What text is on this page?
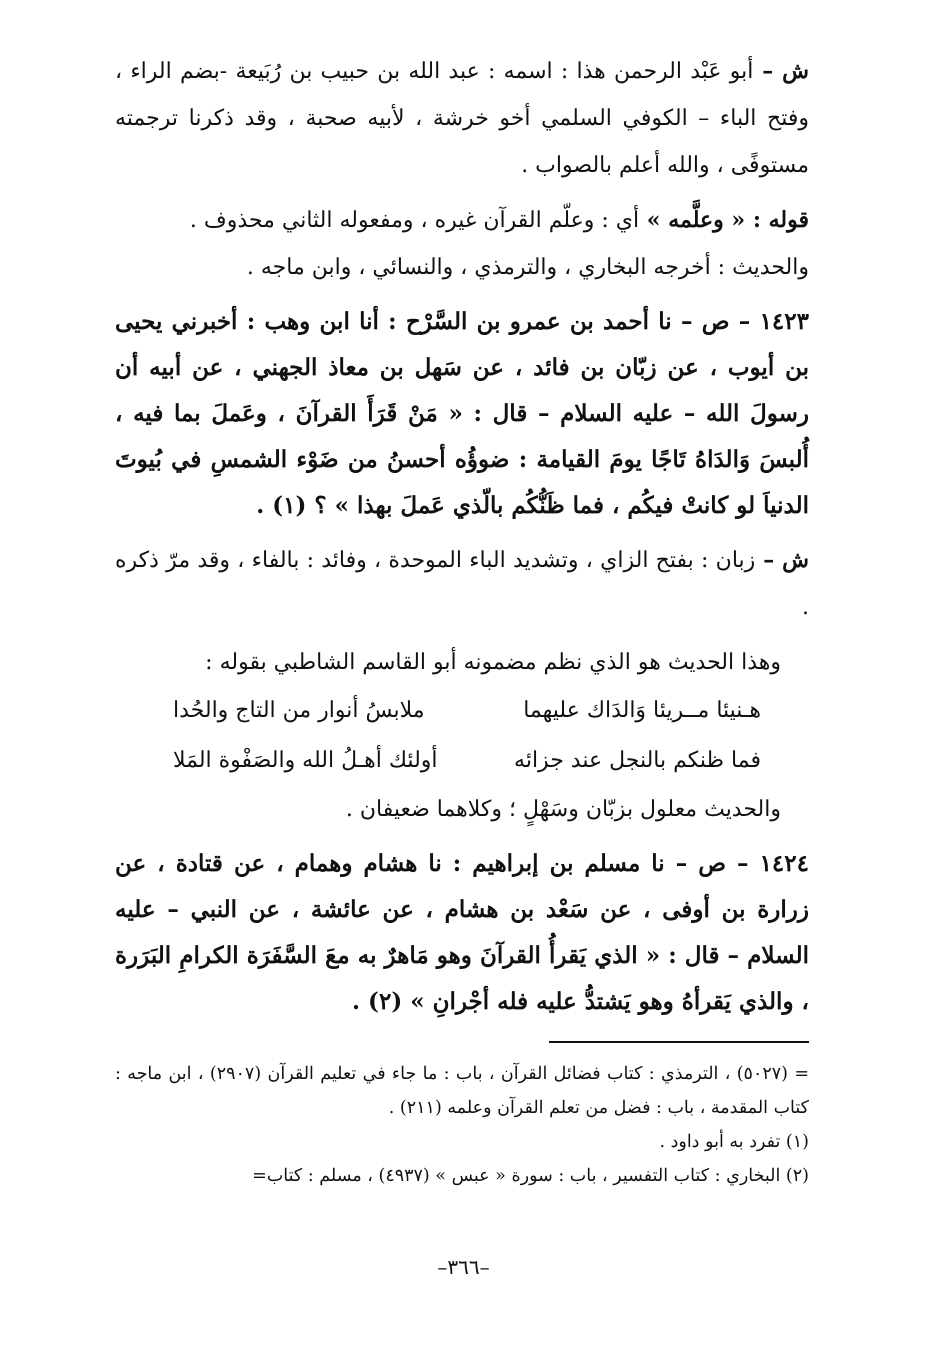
ش – أبو عَبْد الرحمن هذا : اسمه : عبد الله بن حبيب بن رُبَيعة -بضم الراء ، وفتح الباء – الكوفي السلمي أخو خرشة ، لأبيه صحبة ، وقد ذكرنا ترجمته مستوفًى ، والله أعلم بالصواب .

قوله : « وعلَّمه » أي : وعلّم القرآن غيره ، ومفعوله الثاني محذوف .

والحديث : أخرجه البخاري ، والترمذي ، والنسائي ، وابن ماجه .

١٤٢٣ – ص – نا أحمد بن عمرو بن السَّرْح : أنا ابن وهب : أخبرني يحيى بن أيوب ، عن زبّان بن فائد ، عن سَهل بن معاذ الجهني ، عن أبيه أن رسولَ الله – عليه السلام – قال : « مَنْ قَرَأَ القرآنَ ، وعَملَ بما فيه ، أُلبسَ وَالدَاهُ تَاجًا يومَ القيامة : ضوؤُه أحسنُ من ضَوْء الشمسِ في بُيوتَ الدنياَ لو كانتْ فيكُم ، فما ظَنُّكُم بالّذي عَملَ بهذا » ؟ (١) .

ش – زبان : بفتح الزاي ، وتشديد الباء الموحدة ، وفائد : بالفاء ، وقد مرّ ذكره .

وهذا الحديث هو الذي نظم مضمونه أبو القاسم الشاطبي بقوله :

هـنيئا مــريئا وَالدَاك عليهما
ملابسُ أنوار من التاج والحُدا
فما ظنكم بالنجل عند جزائه
أولئك أهـلُ الله والصَفْوة المَلا

والحديث معلول بزبّان وسَهْلٍ ؛ وكلاهما ضعيفان .

١٤٢٤ – ص – نا مسلم بن إبراهيم : نا هشام وهمام ، عن قتادة ، عن زرارة بن أوفى ، عن سَعْد بن هشام ، عن عائشة ، عن النبي – عليه السلام – قال : « الذي يَقرأُ القرآنَ وهو مَاهرٌ به معَ السَّفَرَة الكرامِ البَرَرة ، والذي يَقرأهُ وهو يَشتدُّ عليه فله أجْرانِ » (٢) .

= (٥٠٢٧) ، الترمذي : كتاب فضائل القرآن ، باب : ما جاء في تعليم القرآن (٢٩٠٧) ، ابن ماجه : كتاب المقدمة ، باب : فضل من تعلم القرآن وعلمه (٢١١) .

(١) تفرد به أبو داود .

(٢) البخاري : كتاب التفسير ، باب : سورة « عبس » (٤٩٣٧) ، مسلم : كتاب=

–٣٦٦–
